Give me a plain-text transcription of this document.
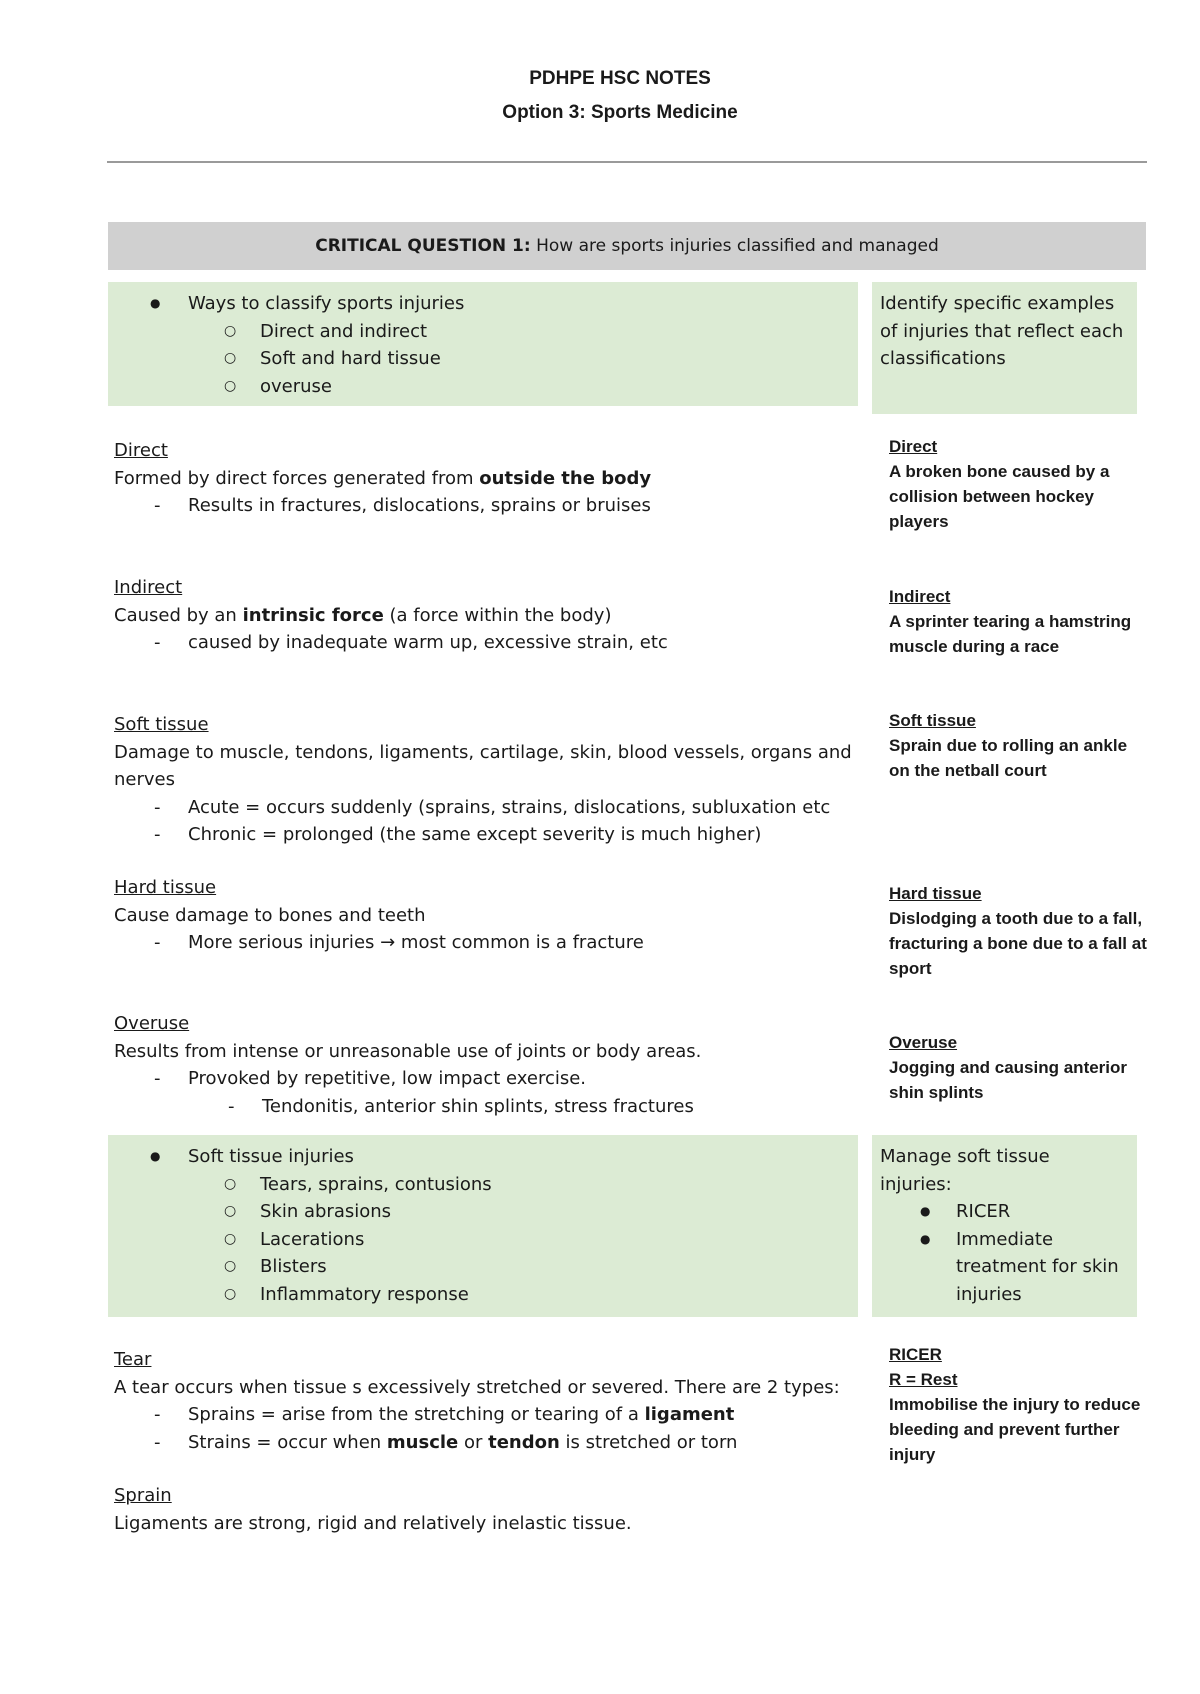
PDHPE HSC NOTES
Option 3: Sports Medicine
CRITICAL QUESTION 1: How are sports injuries classified and managed
● Ways to classify sports injuries
○ Direct and indirect
○ Soft and hard tissue
○ overuse
Identify specific examples of injuries that reflect each classifications
Direct
Formed by direct forces generated from outside the body
- Results in fractures, dislocations, sprains or bruises
Indirect
Caused by an intrinsic force (a force within the body)
- caused by inadequate warm up, excessive strain, etc
Soft tissue
Damage to muscle, tendons, ligaments, cartilage, skin, blood vessels, organs and nerves
- Acute = occurs suddenly (sprains, strains, dislocations, subluxation etc
- Chronic = prolonged (the same except severity is much higher)
Hard tissue
Cause damage to bones and teeth
- More serious injuries → most common is a fracture
Overuse
Results from intense or unreasonable use of joints or body areas.
- Provoked by repetitive, low impact exercise.
- Tendonitis, anterior shin splints, stress fractures
Direct
A broken bone caused by a collision between hockey players
Indirect
A sprinter tearing a hamstring muscle during a race
Soft tissue
Sprain due to rolling an ankle on the netball court
Hard tissue
Dislodging a tooth due to a fall, fracturing a bone due to a fall at sport
Overuse
Jogging and causing anterior shin splints
● Soft tissue injuries
○ Tears, sprains, contusions
○ Skin abrasions
○ Lacerations
○ Blisters
○ Inflammatory response
Manage soft tissue injuries:
● RICER
● Immediate treatment for skin injuries
Tear
A tear occurs when tissue s excessively stretched or severed. There are 2 types:
- Sprains = arise from the stretching or tearing of a ligament
- Strains = occur when muscle or tendon is stretched or torn
Sprain
Ligaments are strong, rigid and relatively inelastic tissue.
RICER
R = Rest
Immobilise the injury to reduce bleeding and prevent further injury
